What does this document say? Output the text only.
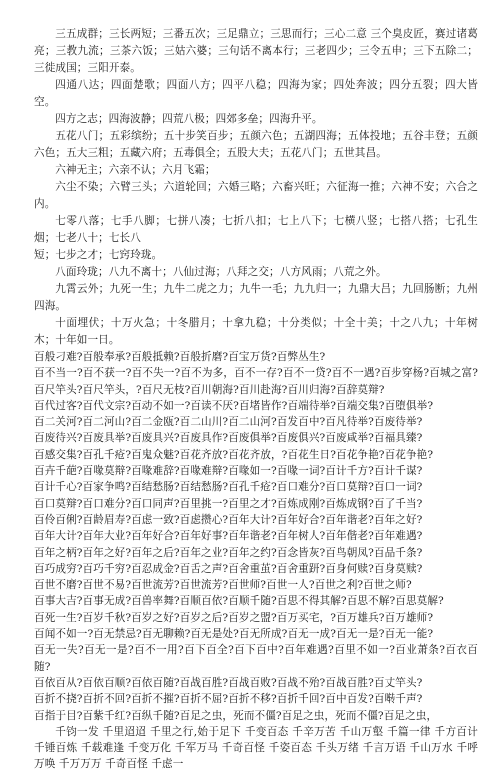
三五成群；三长两短；三番五次；三足鼎立；三思而行；三心二意 三个臭皮匠，赛过诸葛亮；三教九流；三茶六饭；三姑六婆；三句话不离本行；三老四少；三令五申；三下五除二；三徙成国；三阳开泰。

四通八达；四面楚歌；四面八方；四平八稳；四海为家；四处奔波；四分五裂；四大皆空。

四方之志；四海波静；四荒八极；四郊多垒；四海升平。

五花八门；五彩缤纷；五十步笑百步；五颜六色；五湖四海；五体投地；五谷丰登；五颜六色；五大三粗；五藏六府；五毒俱全；五股大夫；五花八门；五世其昌。

六神无主；六亲不认；六月飞霜；

六尘不染；六臂三头；六道轮回；六婚三略；六畜兴旺；六征海一推；六神不安；六合之内。

七零八落；七手八脚；七拼八凑；七折八扣；七上八下；七横八竖；七搭八搭；七孔生烟；七老八十；七长八

短；七步之才；七窍玲珑。

八面玲珑；八九不离十；八仙过海；八拜之交；八方风雨；八荒之外。

九霄云外；九死一生；九牛二虎之力；九牛一毛；九九归一；九鼎大吕；九回肠断；九州四海。

十面埋伏；十万火急；十冬腊月；十拿九稳；十分类似；十全十美；十之八九；十年树木；十年如一日。

百般刁难?百般奉承?百般抵赖?百般折磨?百宝万货?百弊丛生?

百不当一?百不获一?百不失一?百不为多，百不一存?百不一贷?百不一遇?百步穿杨?百城之富?百尺竿头?百尺竿头，?百尺无枝?百川朝海?百川赴海?百川归海?百辞莫辩?

百代过客?百代文宗?百动不如一?百读不厌?百堵皆作?百端待举?百端交集?百堕俱举?

百二关河?百二河山?百二金瓯?百二山川?百二山河?百发百中?百凡待举?百废待举?

百废待兴?百废具举?百废具兴?百废具作?百废俱举?百废俱兴?百废咸举?百福具臻?

百感交集?百孔千疮?百鬼众魅?百花齐放?百花齐放，?百花生日?百花争艳?百花争艳?

百卉千葩?百喙莫辩?百喙难辞?百喙难辩?百喙如一?百喙一词?百计千方?百计千谋?

百计千心?百家争鸣?百结愁肠?百结愁肠?百孔千疮?百口难分?百口莫辩?百口一词?

百口莫辩?百口难分?百口同声?百里挑一?百里之才?百炼成刚?百炼成钢?百了千当?

百伶百俐?百龄眉寿?百虑一致?百虑攒心?百年大计?百年好合?百年谐老?百年之好?

百年大计?百年大业?百年好合?百年好事?百年谐老?百年树人?百年偕老?百年难遇?

百年之柄?百年之好?百年之后?百年之业?百年之约?百念皆灰?百鸟朝凤?百品千条?

百巧成穷?百巧千穷?百忍成金?百舌之声?百舍重茧?百舍重趼?百身何赎?百身莫赎?

百世不磨?百世不易?百世流芳?百世流芳?百世师?百世一人?百世之利?百世之师?

百事大吉?百事无成?百兽率舞?百顺百依?百顺千随?百思不得其解?百思不解?百思莫解?

百死一生?百岁千秋?百岁之好?百岁之后?百岁之盟?百万买宅，?百万雄兵?百万雄师?

百闻不如一?百无禁忌?百无聊赖?百无是处?百无所成?百无一成?百无一是?百无一能?

百无一失?百无一是?百不一用?百下百全?百下百中?百年难遇?百里不如一?百业萧条?百衣百随?

百依百从?百依百顺?百依百随?百战百胜?百战百败?百战不殆?百战百胜?百丈竿头?

百折不挠?百折不回?百折不摧?百折不屈?百折不移?百折千回?百中百发?百啭千声?

百指于目?百紫千红?百纵千随?百足之虫，死而不僵?百足之虫，死而不僵?百足之虫，

千钧一发 千里迢迢 千里之行,始于足下 千变百态 千辛万苦 千山万壑 千篇一律 千方百计 千锤百炼 千载难逢 千变万化 千军万马 千奇百怪 千姿百态 千头万绪 千言万语 千山万水 千呼万唤 千万万万 千奇百怪 千虑一
